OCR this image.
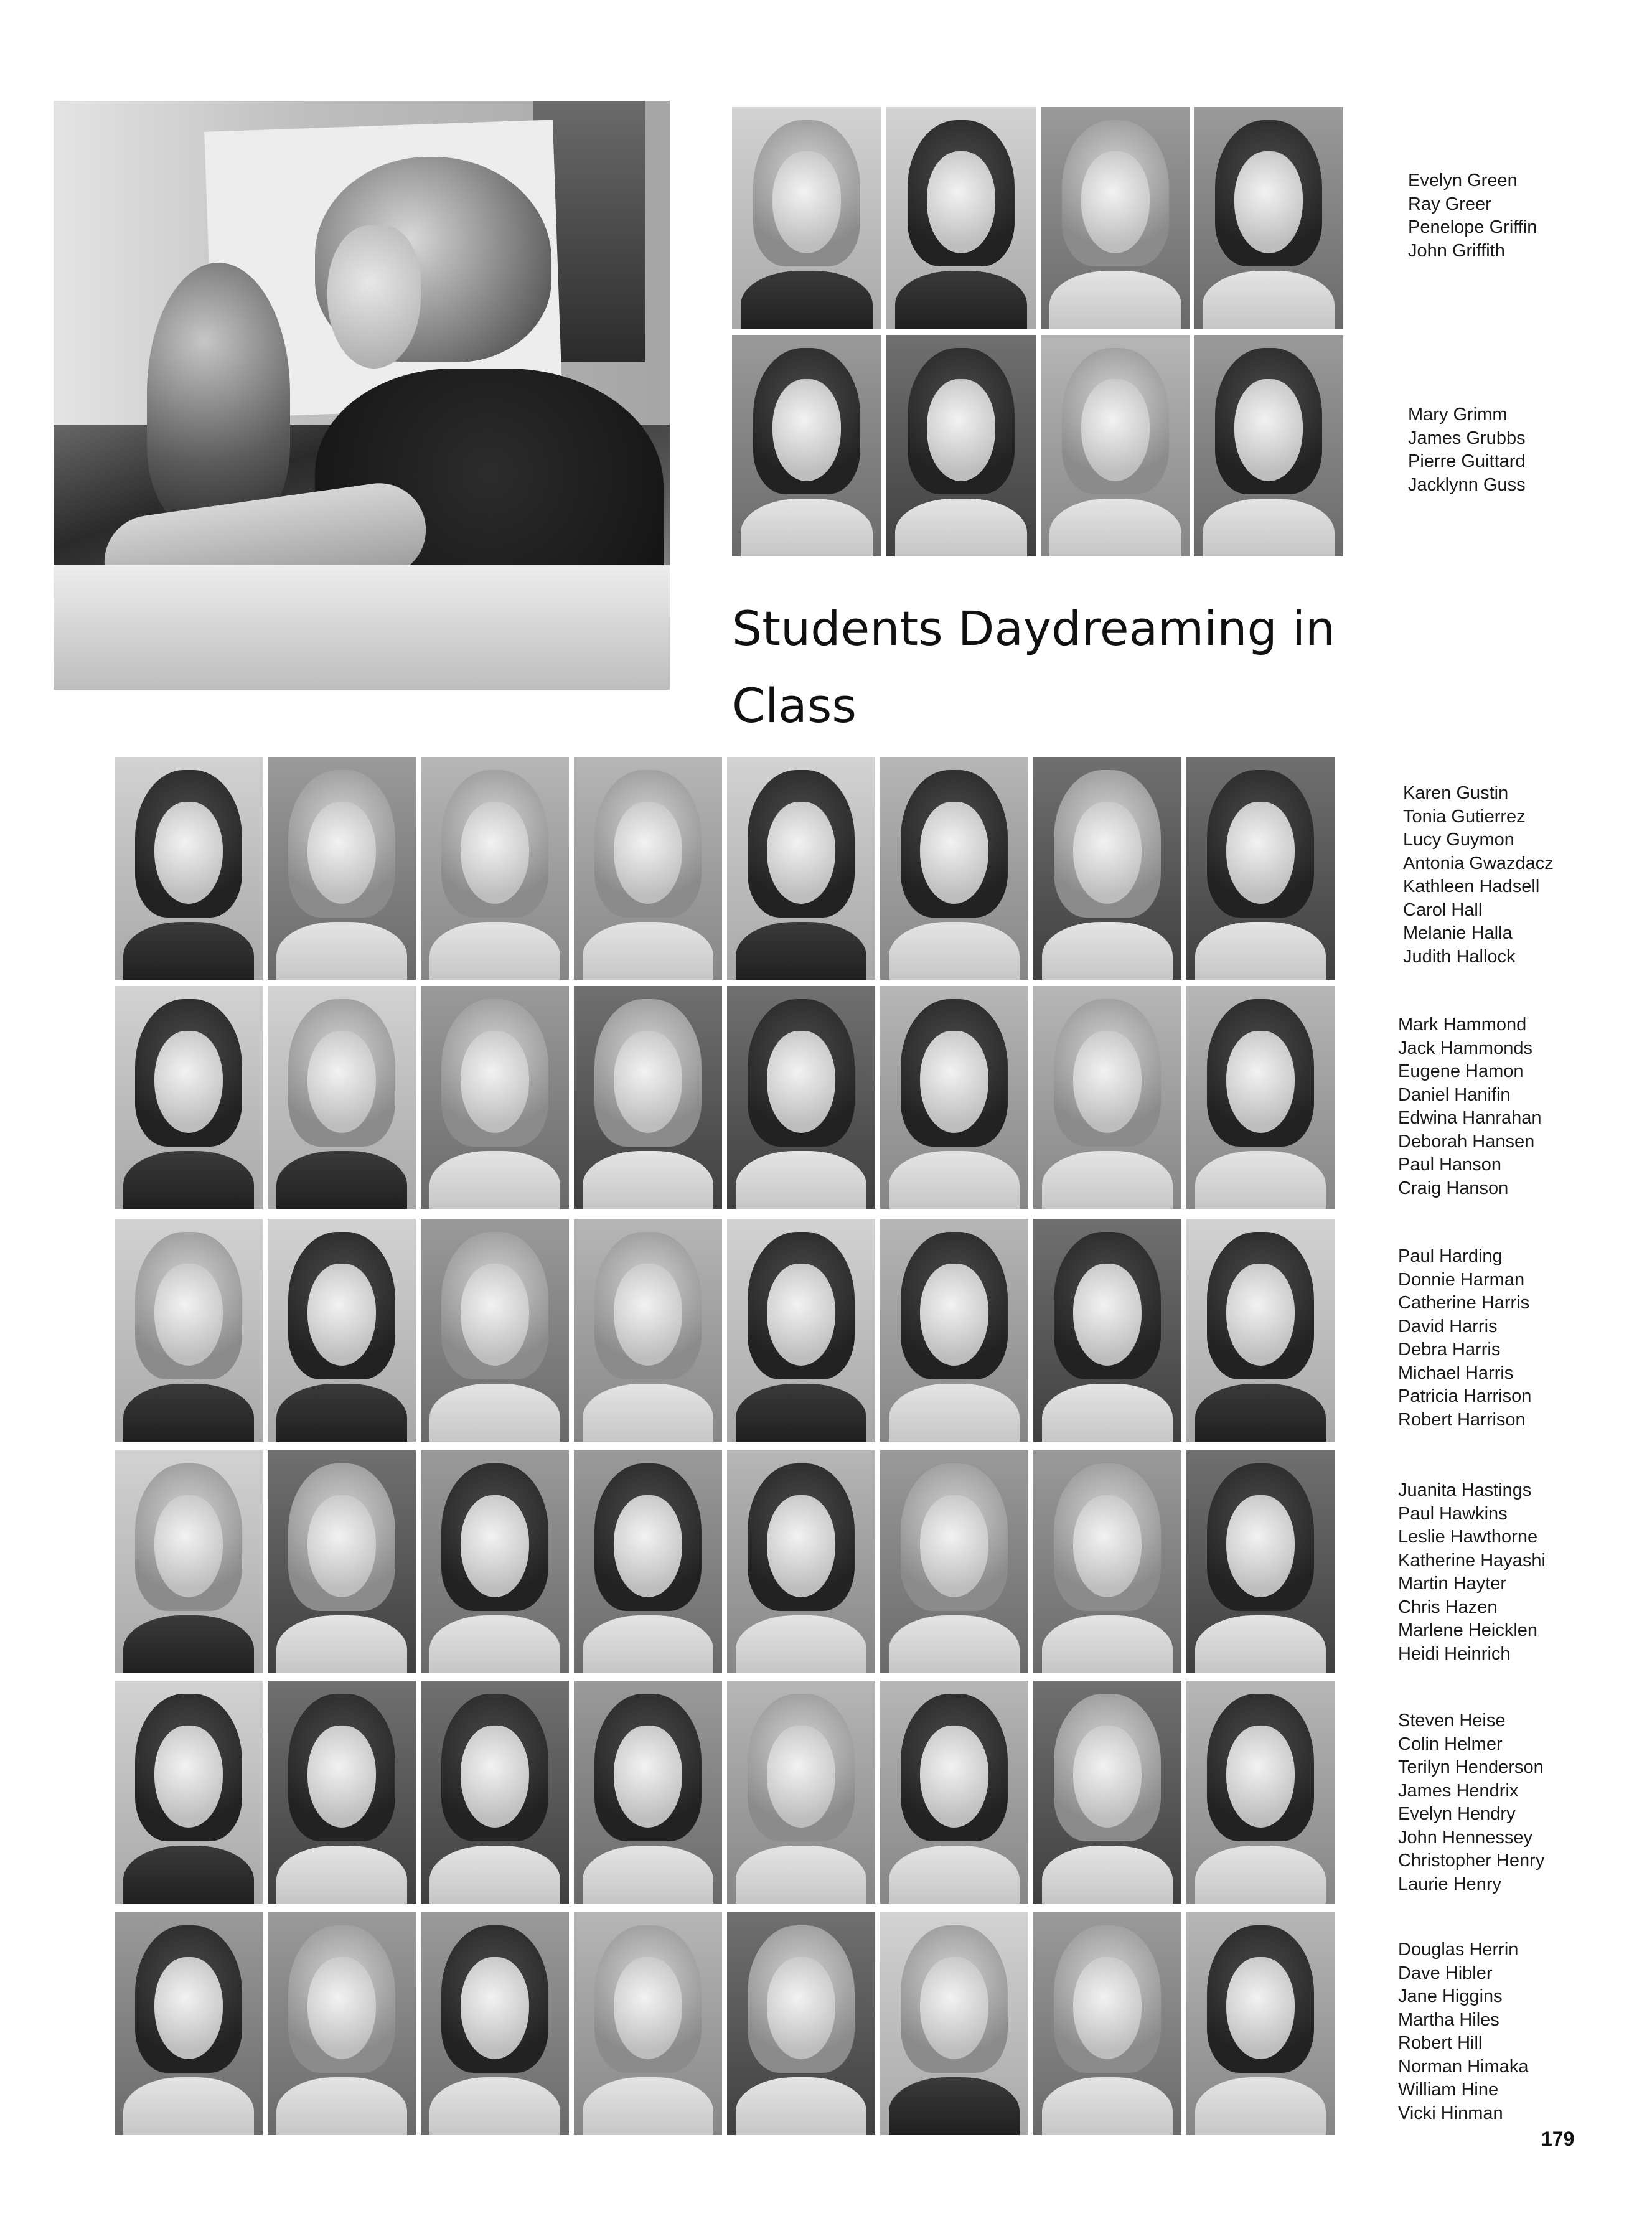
Students Daydreaming in Class
Evelyn Green
Ray Greer
Penelope Griffin
John Griffith
Mary Grimm
James Grubbs
Pierre Guittard
Jacklynn Guss
Karen Gustin
Tonia Gutierrez
Lucy Guymon
Antonia Gwazdacz
Kathleen Hadsell
Carol Hall
Melanie Halla
Judith Hallock
Mark Hammond
Jack Hammonds
Eugene Hamon
Daniel Hanifin
Edwina Hanrahan
Deborah Hansen
Paul Hanson
Craig Hanson
Paul Harding
Donnie Harman
Catherine Harris
David Harris
Debra Harris
Michael Harris
Patricia Harrison
Robert Harrison
Juanita Hastings
Paul Hawkins
Leslie Hawthorne
Katherine Hayashi
Martin Hayter
Chris Hazen
Marlene Heicklen
Heidi Heinrich
Steven Heise
Colin Helmer
Terilyn Henderson
James Hendrix
Evelyn Hendry
John Hennessey
Christopher Henry
Laurie Henry
Douglas Herrin
Dave Hibler
Jane Higgins
Martha Hiles
Robert Hill
Norman Himaka
William Hine
Vicki Hinman
179
